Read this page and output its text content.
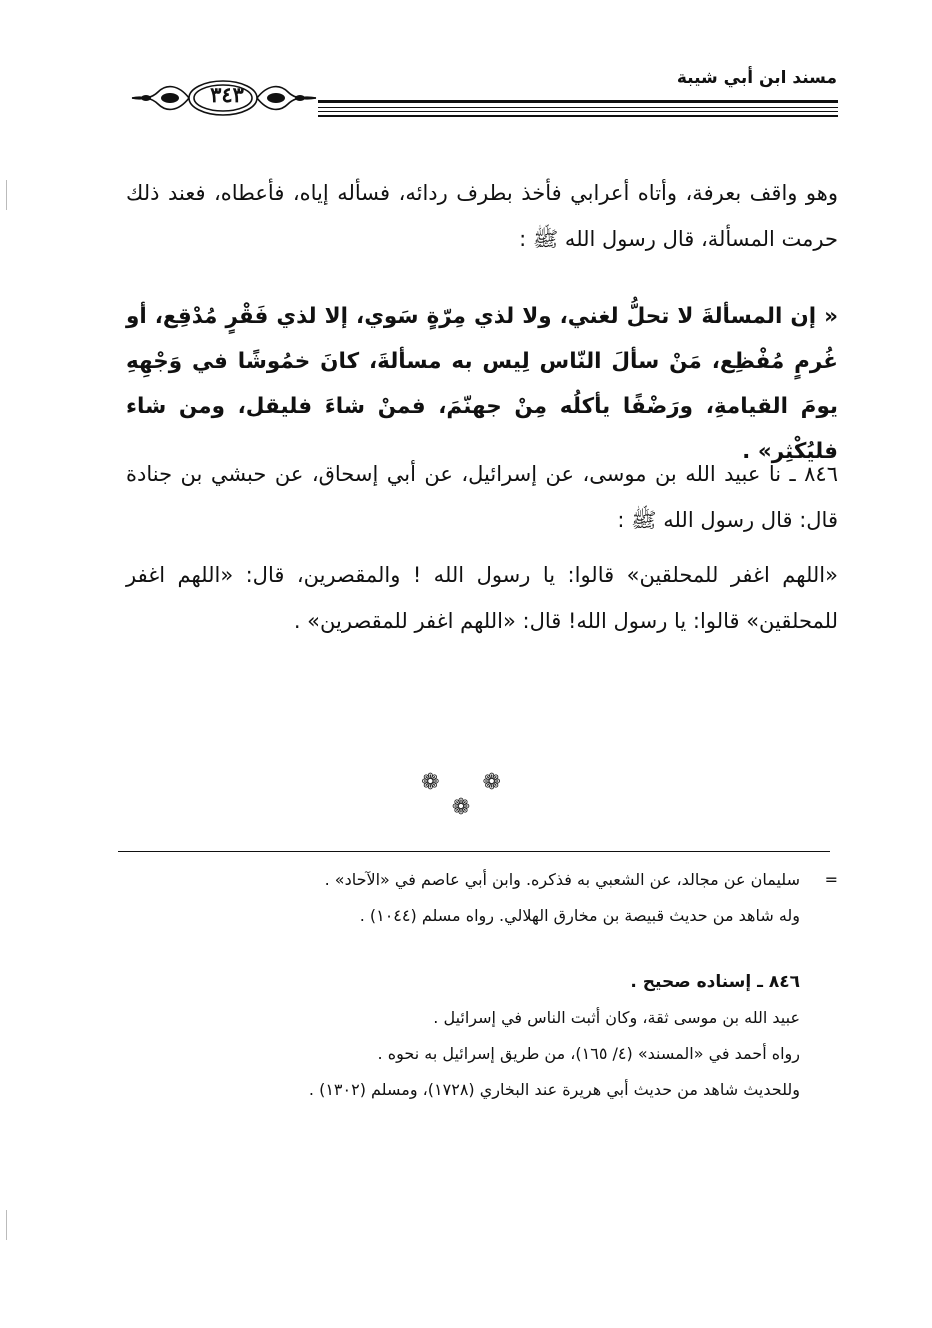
مسند ابن أبي شيبة
٣٤٣
وهو واقف بعرفة، وأتاه أعرابي فأخذ بطرف ردائه، فسأله إياه، فأعطاه، فعند ذلك حرمت المسألة، قال رسول الله ﷺ :
« إن المسألةَ لا تحلُّ لغني، ولا لذي مِرّةٍ سَوي، إلا لذي فَقْرٍ مُدْقِع، أو غُرمٍ مُفْظِع، مَنْ سألَ النّاس لِيس به مسألةَ، كانَ خمُوشًا في وَجْهِهِ يومَ القيامةِ، ورَضْفًا يأكلُه مِنْ جهنّمَ، فمنْ شاءَ فليقل، ومن شاء فليُكْثِر» .
٨٤٦ ـ نا عبيد الله بن موسى، عن إسرائيل، عن أبي إسحاق، عن حبشي بن جنادة قال: قال رسول الله ﷺ :
«اللهم اغفر للمحلقين» قالوا: يا رسول الله ! والمقصرين، قال: «اللهم اغفر للمحلقين» قالوا: يا رسول الله! قال: «اللهم اغفر للمقصرين» .
❁ ❁ ❁
=سليمان عن مجالد، عن الشعبي به فذكره. وابن أبي عاصم في «الآحاد» .
وله شاهد من حديث قبيصة بن مخارق الهلالي. رواه مسلم (١٠٤٤) .
٨٤٦ ـ إسناده صحيح .
عبيد الله بن موسى ثقة، وكان أثبت الناس في إسرائيل .
رواه أحمد في «المسند» (٤/ ١٦٥)، من طريق إسرائيل به نحوه .
وللحديث شاهد من حديث أبي هريرة عند البخاري (١٧٢٨)، ومسلم (١٣٠٢) .
